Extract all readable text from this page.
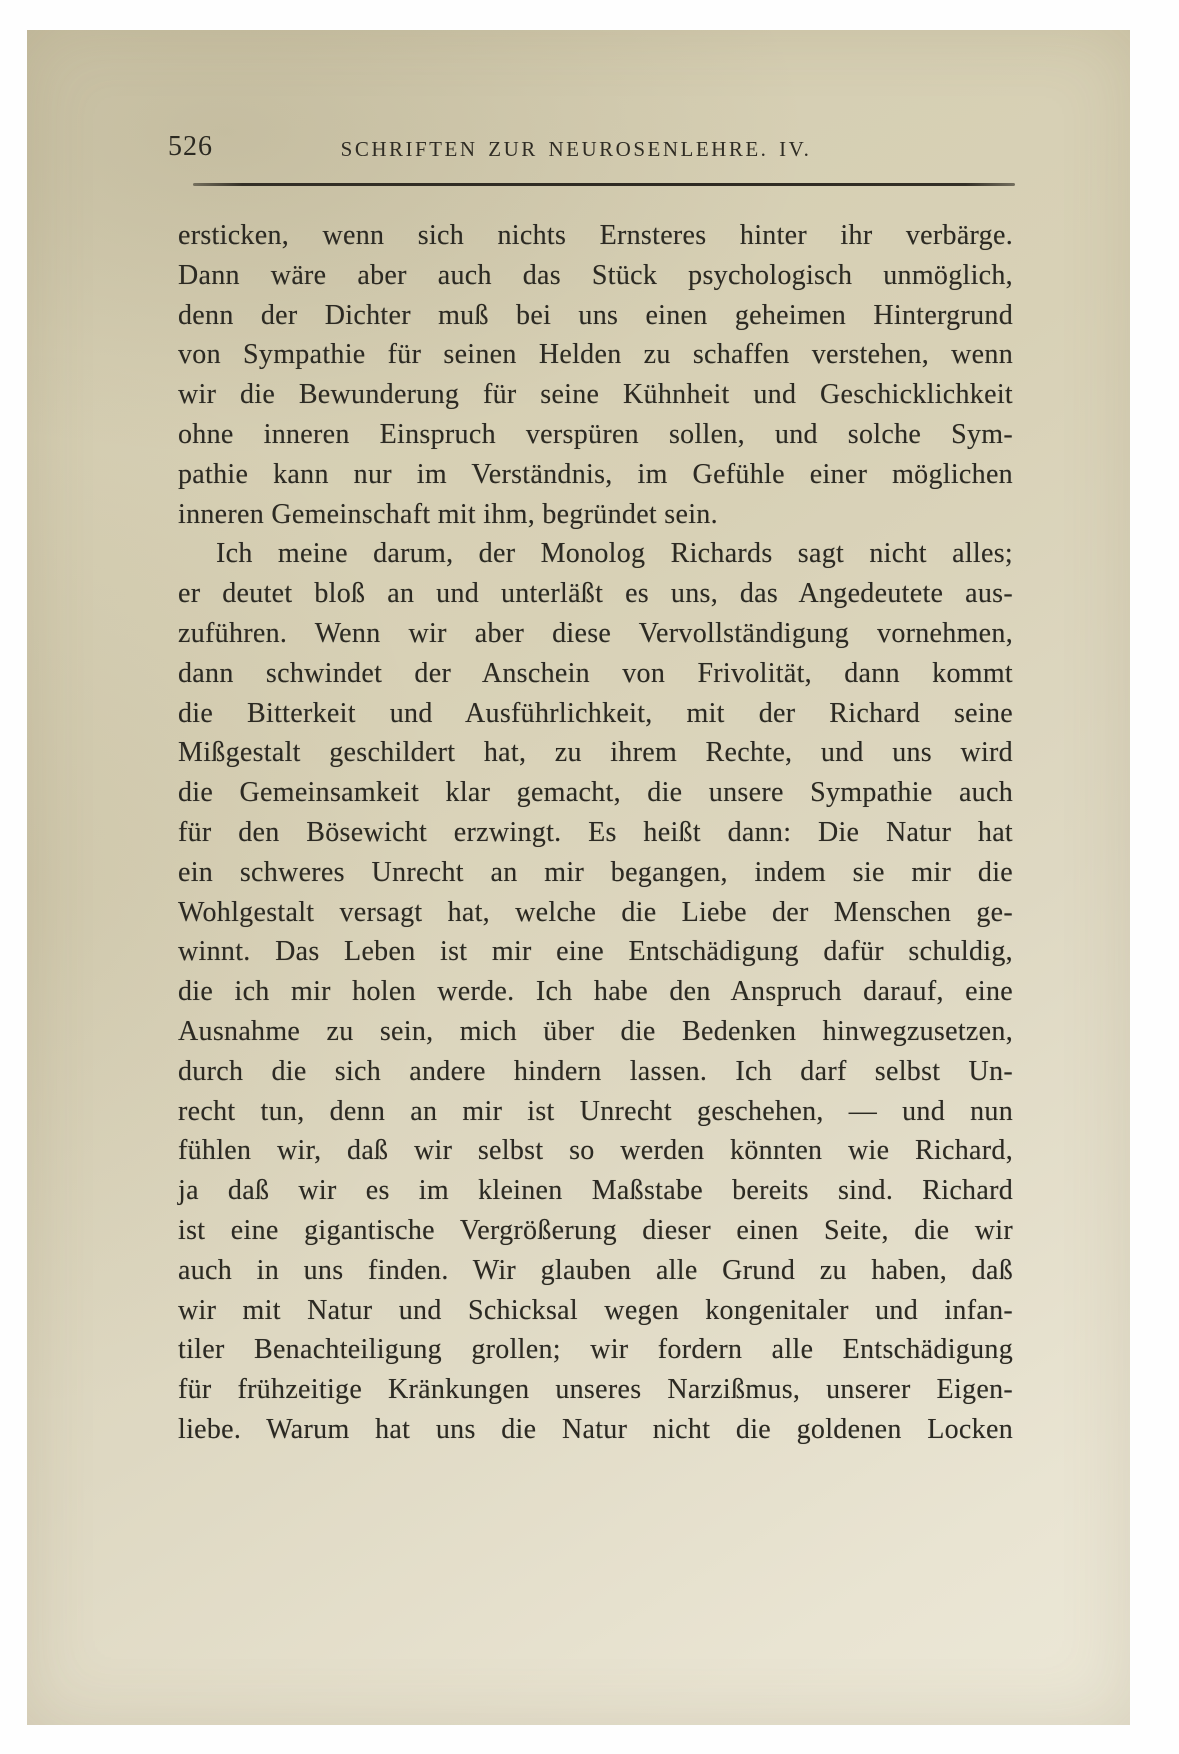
526	SCHRIFTEN ZUR NEUROSENLEHRE. IV.
ersticken, wenn sich nichts Ernsteres hinter ihr verbärge.
Dann wäre aber auch das Stück psychologisch unmöglich,
denn der Dichter muß bei uns einen geheimen Hintergrund
von Sympathie für seinen Helden zu schaffen verstehen, wenn
wir die Bewunderung für seine Kühnheit und Geschicklichkeit
ohne inneren Einspruch verspüren sollen, und solche Sym-
pathie kann nur im Verständnis, im Gefühle einer möglichen
inneren Gemeinschaft mit ihm, begründet sein.
Ich meine darum, der Monolog Richards sagt nicht alles;
er deutet bloß an und unterläßt es uns, das Angedeutete aus-
zuführen. Wenn wir aber diese Vervollständigung vornehmen,
dann schwindet der Anschein von Frivolität, dann kommt
die Bitterkeit und Ausführlichkeit, mit der Richard seine
Mißgestalt geschildert hat, zu ihrem Rechte, und uns wird
die Gemeinsamkeit klar gemacht, die unsere Sympathie auch
für den Bösewicht erzwingt. Es heißt dann: Die Natur hat
ein schweres Unrecht an mir begangen, indem sie mir die
Wohlgestalt versagt hat, welche die Liebe der Menschen ge-
winnt. Das Leben ist mir eine Entschädigung dafür schuldig,
die ich mir holen werde. Ich habe den Anspruch darauf, eine
Ausnahme zu sein, mich über die Bedenken hinwegzusetzen,
durch die sich andere hindern lassen. Ich darf selbst Un-
recht tun, denn an mir ist Unrecht geschehen, — und nun
fühlen wir, daß wir selbst so werden könnten wie Richard,
ja daß wir es im kleinen Maßstabe bereits sind. Richard
ist eine gigantische Vergrößerung dieser einen Seite, die wir
auch in uns finden. Wir glauben alle Grund zu haben, daß
wir mit Natur und Schicksal wegen kongenitaler und infan-
tiler Benachteiligung grollen; wir fordern alle Entschädigung
für frühzeitige Kränkungen unseres Narzißmus, unserer Eigen-
liebe. Warum hat uns die Natur nicht die goldenen Locken
